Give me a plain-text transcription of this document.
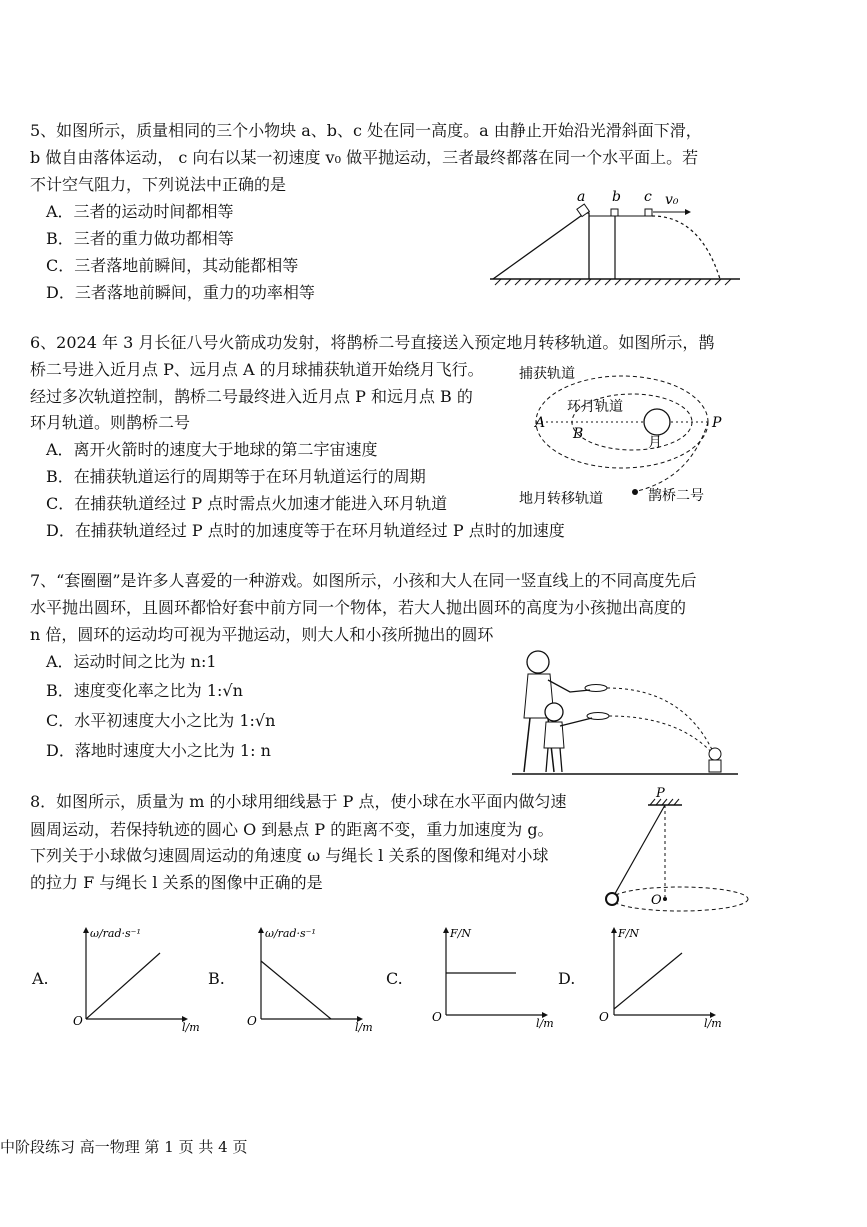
5、如图所示，质量相同的三个小物块 a、b、c 处在同一高度。a 由静止开始沿光滑斜面下滑，
b 做自由落体运动， c 向右以某一初速度 v₀ 做平抛运动，三者最终都落在同一个水平面上。若
不计空气阻力，下列说法中正确的是
A．三者的运动时间都相等
B．三者的重力做功都相等
C．三者落地前瞬间，其动能都相等
D．三者落地前瞬间，重力的功率相等
a b c v₀
6、2024 年 3 月长征八号火箭成功发射，将鹊桥二号直接送入预定地月转移轨道。如图所示，鹊
桥二号进入近月点 P、远月点 A 的月球捕获轨道开始绕月飞行。
经过多次轨道控制，鹊桥二号最终进入近月点 P 和远月点 B 的
环月轨道。则鹊桥二号
A．离开火箭时的速度大于地球的第二宇宙速度
B．在捕获轨道运行的周期等于在环月轨道运行的周期
C．在捕获轨道经过 P 点时需点火加速才能进入环月轨道
D．在捕获轨道经过 P 点时的加速度等于在环月轨道经过 P 点时的加速度
捕获轨道
环月轨道
A
B
P
月
地月转移轨道	鹊桥二号
7、“套圈圈”是许多人喜爱的一种游戏。如图所示，小孩和大人在同一竖直线上的不同高度先后
水平抛出圆环，且圆环都恰好套中前方同一个物体，若大人抛出圆环的高度为小孩抛出高度的
n 倍，圆环的运动均可视为平抛运动，则大人和小孩所抛出的圆环
A．运动时间之比为 n:1
B．速度变化率之比为 1:√n
C．水平初速度大小之比为 1:√n
D．落地时速度大小之比为 1: n
8．如图所示，质量为 m 的小球用细线悬于 P 点，使小球在水平面内做匀速
圆周运动，若保持轨迹的圆心 O 到悬点 P 的距离不变，重力加速度为 g。
下列关于小球做匀速圆周运动的角速度 ω 与绳长 l 关系的图像和绳对小球
的拉力 F 与绳长 l 关系的图像中正确的是
P
O
A.
ω/rad·s⁻¹
l/m
O
B.
ω/rad·s⁻¹
l/m
O
C.
F/N
l/m
O
D.
F/N
l/m
O
中阶段练习 高一物理 第 1 页 共 4 页
